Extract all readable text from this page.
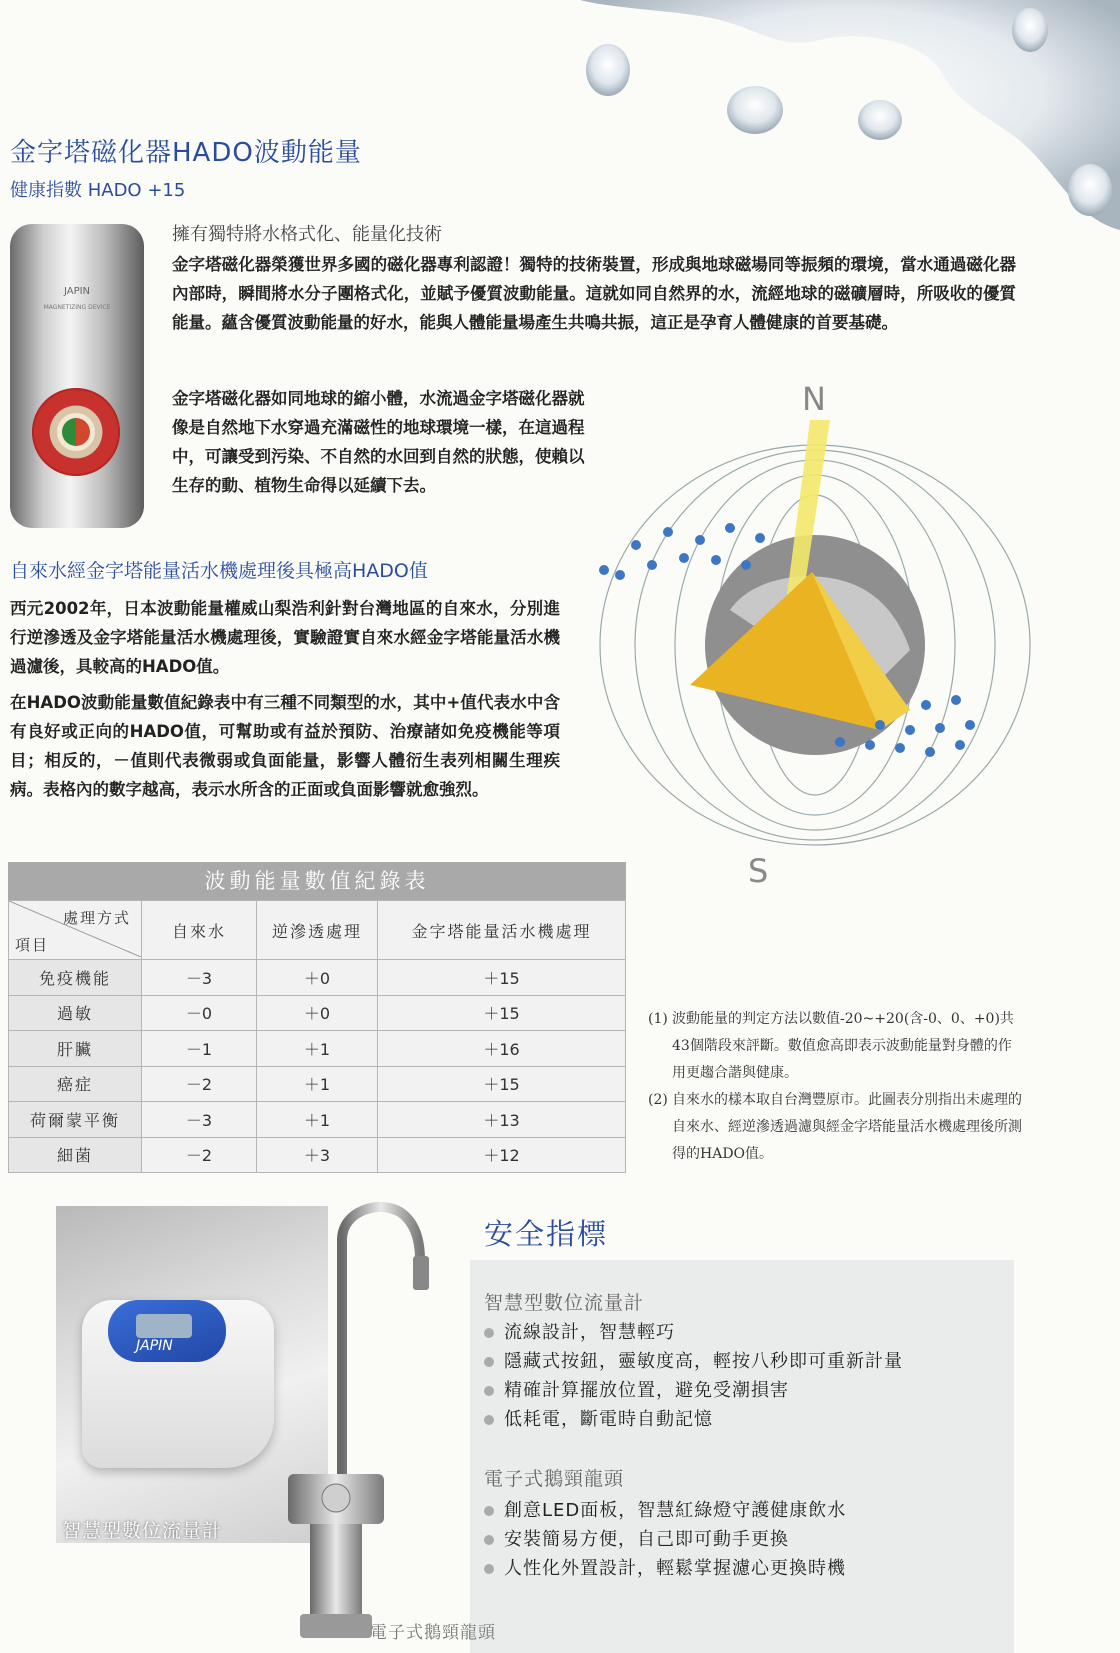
金字塔磁化器HADO波動能量
健康指數 HADO +15
JAPIN
MAGNETIZING DEVICE
擁有獨特將水格式化、能量化技術
金字塔磁化器榮獲世界多國的磁化器專利認證！獨特的技術裝置，形成與地球磁場同等振頻的環境，當水通過磁化器內部時，瞬間將水分子團格式化，並賦予優質波動能量。這就如同自然界的水，流經地球的磁礦層時，所吸收的優質能量。蘊含優質波動能量的好水，能與人體能量場產生共鳴共振，這正是孕育人體健康的首要基礎。
金字塔磁化器如同地球的縮小體，水流過金字塔磁化器就像是自然地下水穿過充滿磁性的地球環境一樣，在這過程中，可讓受到污染、不自然的水回到自然的狀態，使賴以生存的動、植物生命得以延續下去。
N
S
自來水經金字塔能量活水機處理後具極高HADO值
西元2002年，日本波動能量權威山梨浩利針對台灣地區的自來水，分別進行逆滲透及金字塔能量活水機處理後，實驗證實自來水經金字塔能量活水機過濾後，具較高的HADO值。
在HADO波動能量數值紀錄表中有三種不同類型的水，其中+值代表水中含有良好或正向的HADO值，可幫助或有益於預防、治療諸如免疫機能等項目；相反的，－值則代表微弱或負面能量，影響人體衍生表列相關生理疾病。表格內的數字越高，表示水所含的正面或負面影響就愈強烈。
波動能量數值紀錄表
處理方式
項目	自來水	逆滲透處理	金字塔能量活水機處理
免疫機能	－3	＋0	＋15
過敏	－0	＋0	＋15
肝臟	－1	＋1	＋16
癌症	－2	＋1	＋15
荷爾蒙平衡	－3	＋1	＋13
細菌	－2	＋3	＋12
(1) 波動能量的判定方法以數值-20~+20(含-0、0、+0)共43個階段來評斷。數值愈高即表示波動能量對身體的作用更趨合諧與健康。
(2) 自來水的樣本取自台灣豐原市。此圖表分別指出未處理的自來水、經逆滲透過濾與經金字塔能量活水機處理後所測得的HADO值。
安全指標
智慧型數位流量計
流線設計，智慧輕巧
隱藏式按鈕，靈敏度高，輕按八秒即可重新計量
精確計算擺放位置，避免受潮損害
低耗電，斷電時自動記憶
電子式鵝頸龍頭
創意LED面板，智慧紅綠燈守護健康飲水
安裝簡易方便，自己即可動手更換
人性化外置設計，輕鬆掌握濾心更換時機
JAPIN
智慧型數位流量計
電子式鵝頸龍頭
